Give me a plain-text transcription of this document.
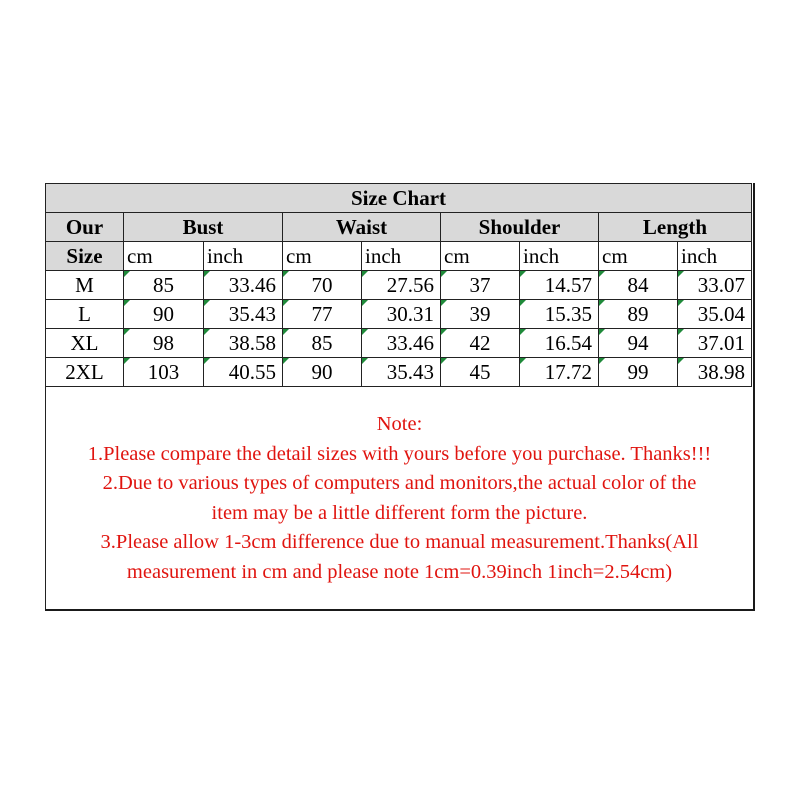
Size Chart								
Our	Bust		Waist		Shoulder		Length	
Size	cm	inch	cm	inch	cm	inch	cm	inch
M	85	33.46	70	27.56	37	14.57	84	33.07
L	90	35.43	77	30.31	39	15.35	89	35.04
XL	98	38.58	85	33.46	42	16.54	94	37.01
2XL	103	40.55	90	35.43	45	17.72	99	38.98
Note:
1.Please compare the detail sizes with yours before you purchase. Thanks!!!
2.Due to various types of computers and monitors,the actual color of the
item may be a little different form the picture.
3.Please allow 1-3cm difference due to manual measurement.Thanks(All
measurement in cm and please note 1cm=0.39inch 1inch=2.54cm)
